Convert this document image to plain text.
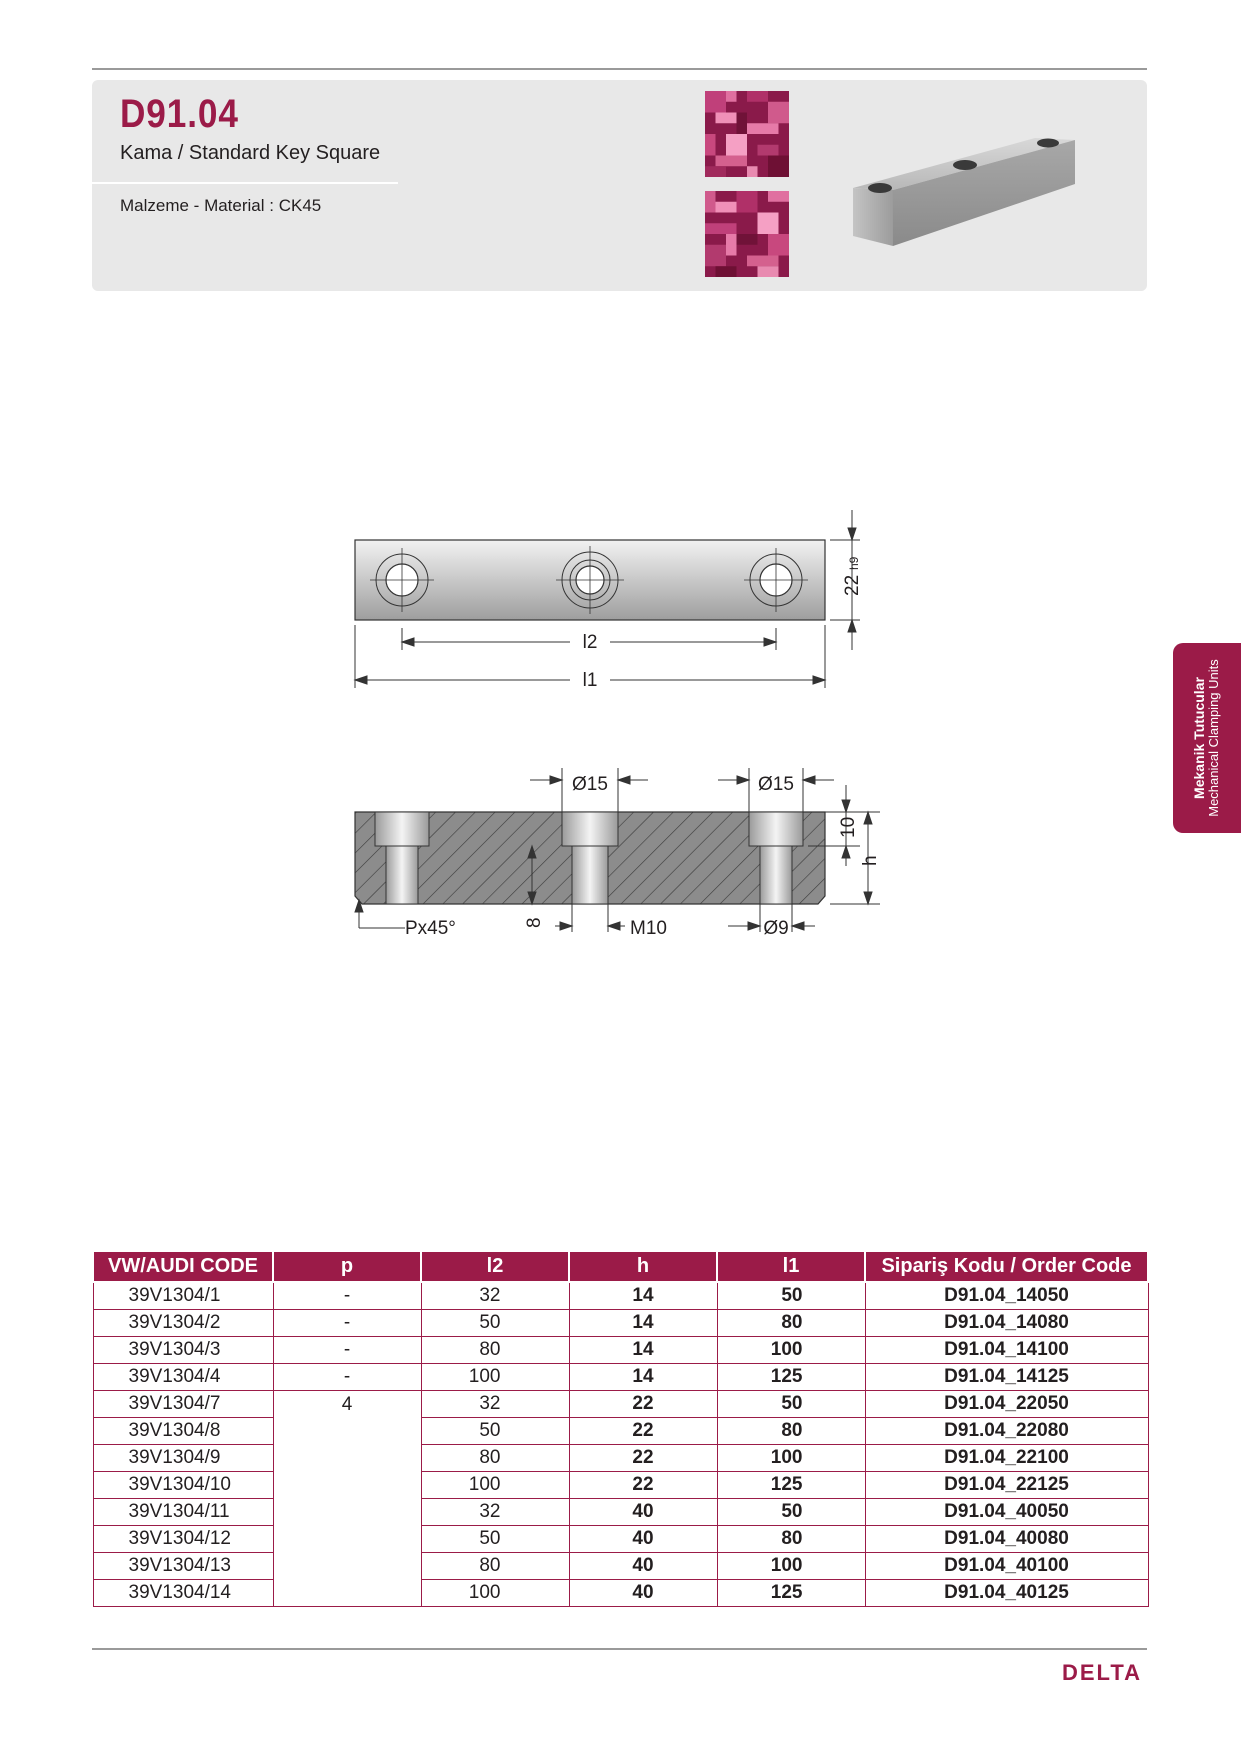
D91.04
Kama / Standard Key Square
Malzeme - Material : CK45
Mekanik Tutucular Mechanical Clamping Units
22
h9
l2
l1
Ø15	Ø15
10
h
Px45°	8	M10	Ø9
VW/AUDI CODE	p	l2	h	l1	Sipariş Kodu / Order Code
39V1304/1	-	32	14	50	D91.04_14050
39V1304/2	-	50	14	80	D91.04_14080
39V1304/3	-	80	14	100	D91.04_14100
39V1304/4	-	100	14	125	D91.04_14125
39V1304/7	4	32	22	50	D91.04_22050
39V1304/8		50	22	80	D91.04_22080
39V1304/9		80	22	100	D91.04_22100
39V1304/10		100	22	125	D91.04_22125
39V1304/11		32	40	50	D91.04_40050
39V1304/12		50	40	80	D91.04_40080
39V1304/13		80	40	100	D91.04_40100
39V1304/14		100	40	125	D91.04_40125
DELTA
